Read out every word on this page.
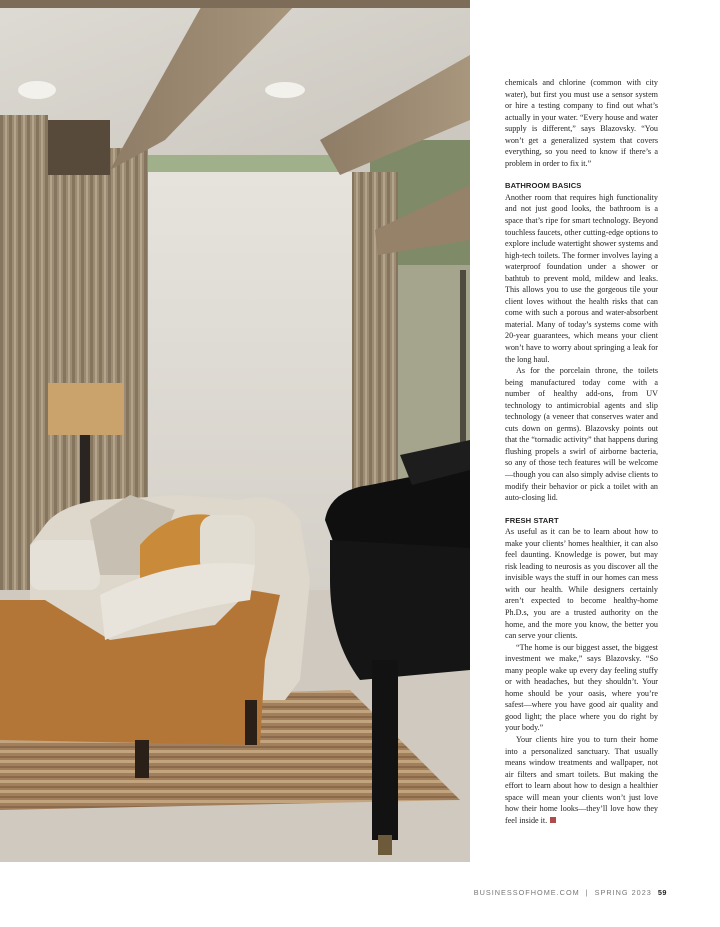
chemicals and chlorine (common with city water), but first you must use a sensor system or hire a testing company to find out what’s actually in your water. “Every house and water supply is different,” says Blazovsky. “You won’t get a generalized system that covers everything, so you need to know if there’s a problem in order to fix it.”

BATHROOM BASICS

Another room that requires high functionality and not just good looks, the bathroom is a space that’s ripe for smart technology. Beyond touchless faucets, other cutting-edge options to explore include watertight shower systems and high-tech toilets. The former involves laying a waterproof foundation under a shower or bathtub to prevent mold, mildew and leaks. This allows you to use the gorgeous tile your client loves without the health risks that can come with such a porous and water-absorbent material. Many of today’s systems come with 20-year guarantees, which means your client won’t have to worry about springing a leak for the long haul.

As for the porcelain throne, the toilets being manufactured today come with a number of healthy add-ons, from UV technology to antimicrobial agents and slip technology (a veneer that conserves water and cuts down on germs). Blazovsky points out that the “tornadic activity” that happens during flushing propels a swirl of airborne bacteria, so any of those tech features will be welcome—though you can also simply advise clients to modify their behavior or pick a toilet with an auto-closing lid.

FRESH START

As useful as it can be to learn about how to make your clients’ homes healthier, it can also feel daunting. Knowledge is power, but may risk leading to neurosis as you discover all the invisible ways the stuff in our homes can mess with our health. While designers certainly aren’t expected to become healthy-home Ph.D.s, you are a trusted authority on the home, and the more you know, the better you can serve your clients.

“The home is our biggest asset, the biggest investment we make,” says Blazovsky. “So many people wake up every day feeling stuffy or with headaches, but they shouldn’t. Your home should be your oasis, where you’re safest—where you have good air quality and good light; the place where you do right by your body.”

Your clients hire you to turn their home into a personalized sanctuary. That usually means window treatments and wallpaper, not air filters and smart toilets. But making the effort to learn about how to design a healthier space will mean your clients won’t just love how their home looks—they’ll love how they feel inside it.

BUSINESSOFHOME.COM | SPRING 2023 59
